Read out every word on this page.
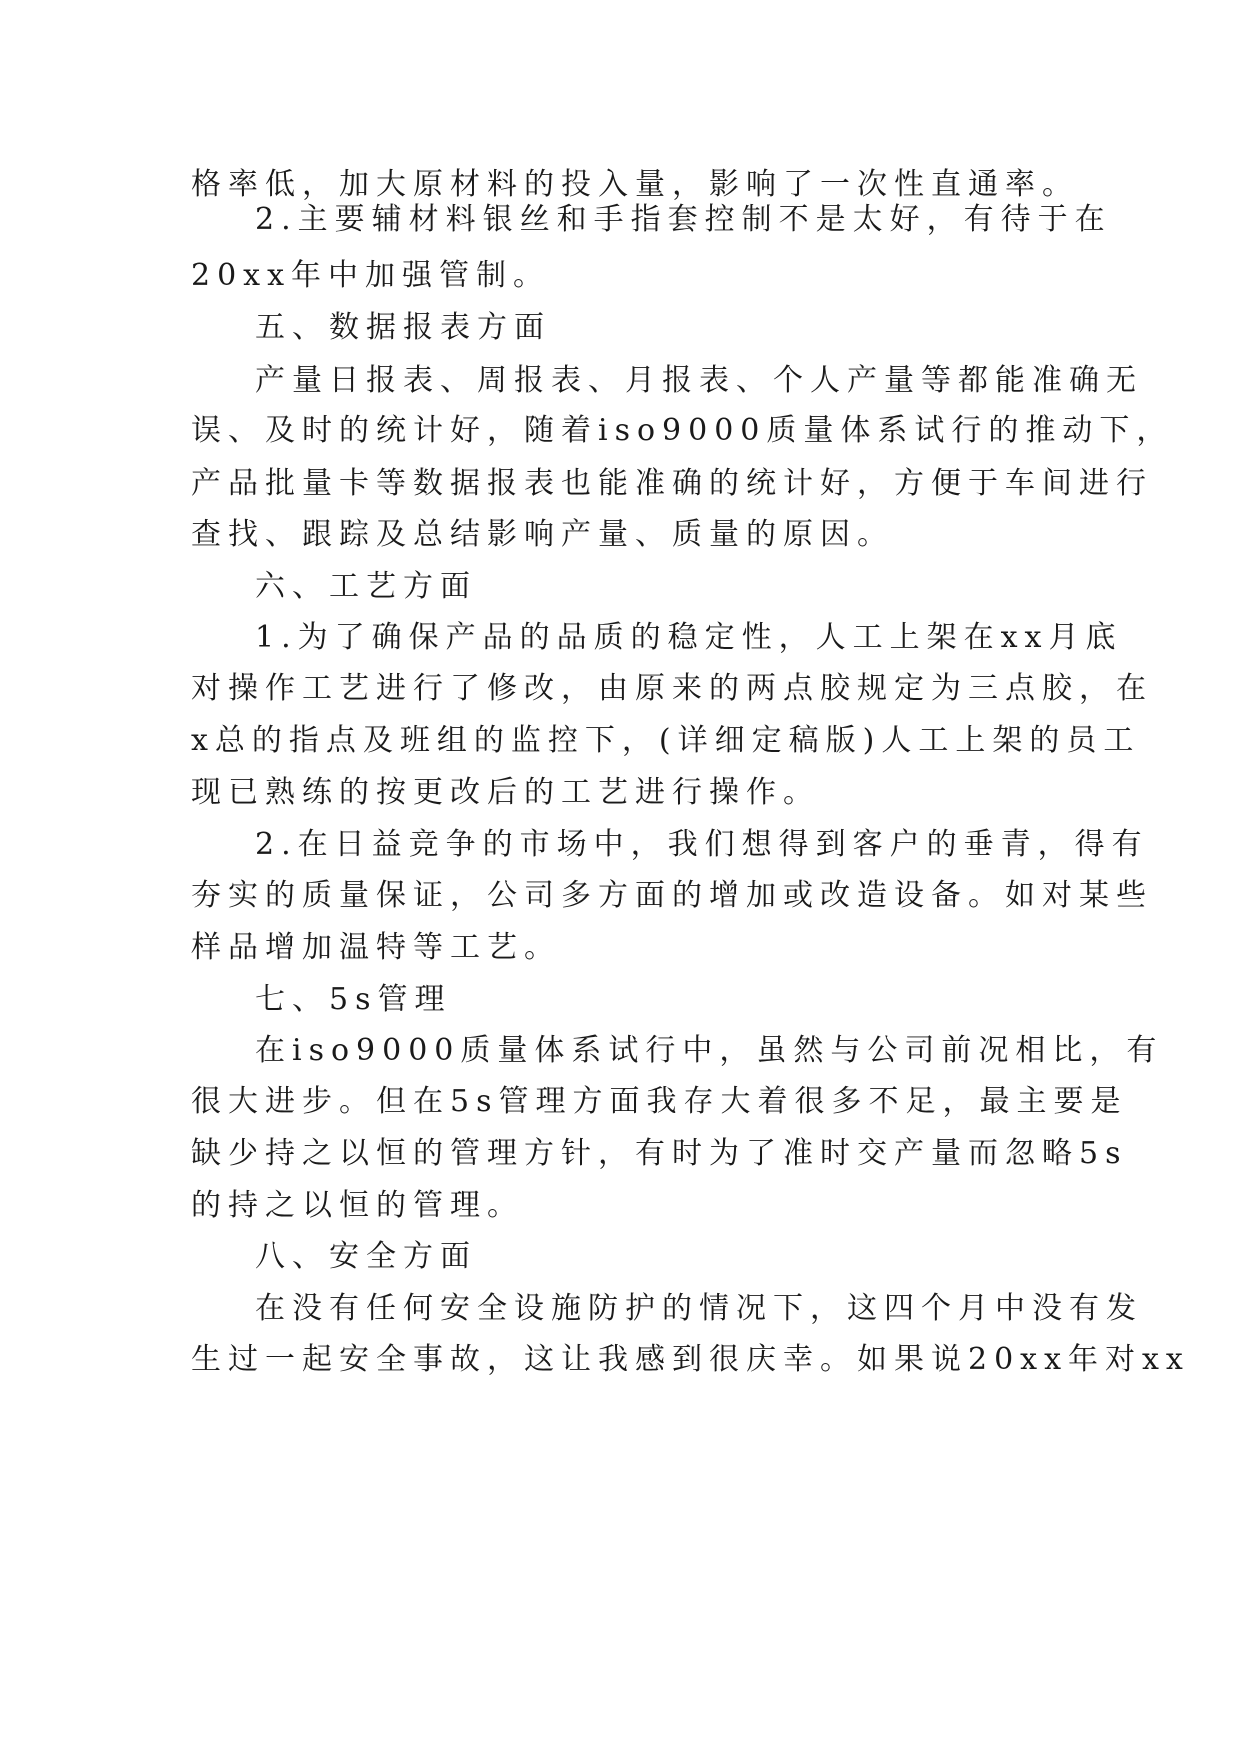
格率低，加大原材料的投入量，影响了一次性直通率。
2.主要辅材料银丝和手指套控制不是太好，有待于在
20xx年中加强管制。
五、数据报表方面
产量日报表、周报表、月报表、个人产量等都能准确无
误、及时的统计好，随着iso9000质量体系试行的推动下，
产品批量卡等数据报表也能准确的统计好，方便于车间进行
查找、跟踪及总结影响产量、质量的原因。
六、工艺方面
1.为了确保产品的品质的稳定性，人工上架在xx月底
对操作工艺进行了修改，由原来的两点胶规定为三点胶，在
x总的指点及班组的监控下，(详细定稿版)人工上架的员工
现已熟练的按更改后的工艺进行操作。
2.在日益竞争的市场中，我们想得到客户的垂青，得有
夯实的质量保证，公司多方面的增加或改造设备。如对某些
样品增加温特等工艺。
七、5s管理
在iso9000质量体系试行中，虽然与公司前况相比，有
很大进步。但在5s管理方面我存大着很多不足，最主要是
缺少持之以恒的管理方针，有时为了准时交产量而忽略5s
的持之以恒的管理。
八、安全方面
在没有任何安全设施防护的情况下，这四个月中没有发
生过一起安全事故，这让我感到很庆幸。如果说20xx年对xx
